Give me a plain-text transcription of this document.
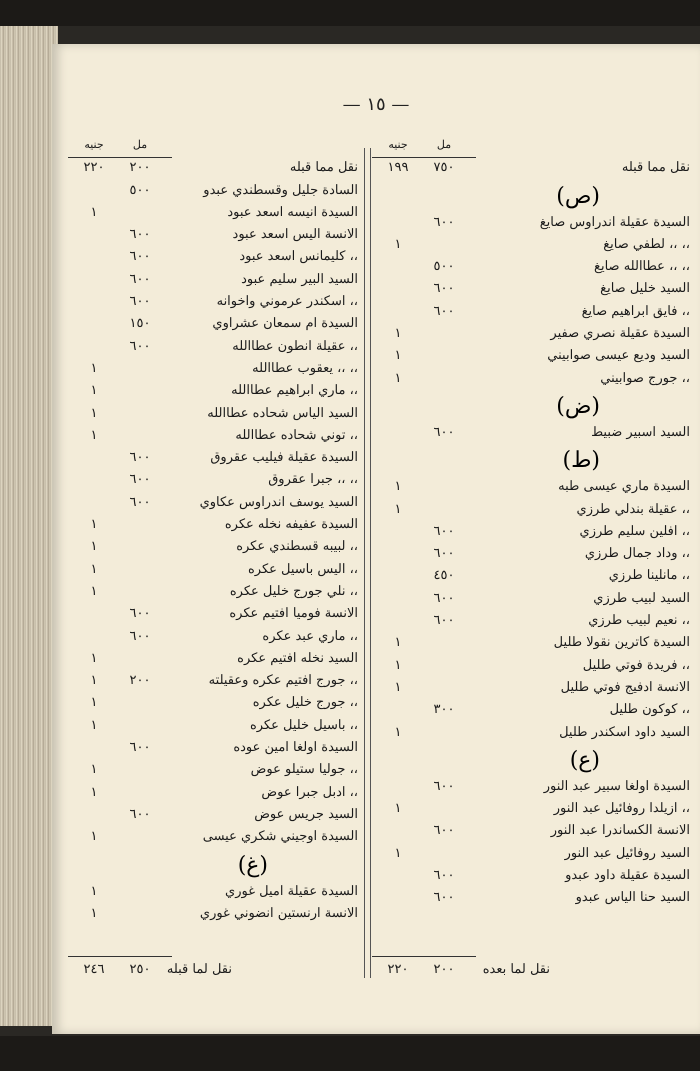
— ١٥ —
جنيه	مل
نقل مما قبله
٧٥٠
١٩٩
(ص)
السيدة عقيلة اندراوس صايغ
٦٠٠
،، ،، لطفي صايغ
١
،، ،، عطاالله صايغ
٥٠٠
السيد خليل صايغ
٦٠٠
،، فايق ابراهيم صايغ
٦٠٠
السيدة عقيلة نصري صفير
١
السيد وديع عيسى صوابيني
١
،، جورج صوابيني
١
(ض)
السيد اسبير ضبيط
٦٠٠
(ط)
السيدة ماري عيسى طبه
١
،، عقيلة بندلي طرزي
١
،، افلين سليم طرزي
٦٠٠
،، وداد جمال طرزي
٦٠٠
،، مانلينا طرزي
٤٥٠
السيد لبيب طرزي
٦٠٠
،، نعيم لبيب طرزي
٦٠٠
السيدة كاترين نقولا طليل
١
،، فريدة فوتي طليل
١
الانسة ادفيج فوتي طليل
١
،، كوكون طليل
٣٠٠
السيد داود اسكندر طليل
١
(ع)
السيدة اولغا سبير عبد النور
٦٠٠
،، ازيلدا روفائيل عبد النور
١
الانسة الكساندرا عبد النور
٦٠٠
السيد روفائيل عبد النور
١
السيدة عقيلة داود عبدو
٦٠٠
السيد حنا الياس عبدو
٦٠٠
جنيه	مل
نقل مما قبله
٢٠٠
٢٢٠
السادة جليل وقسطندي عبدو
٥٠٠
السيدة انيسه اسعد عبود
١
الانسة اليس اسعد عبود
٦٠٠
،، كليمانس اسعد عبود
٦٠٠
السيد البير سليم عبود
٦٠٠
،، اسكندر عرموني واخوانه
٦٠٠
السيدة ام سمعان عشراوي
١٥٠
،، عقيلة انطون عطاالله
٦٠٠
،، ،، يعقوب عطاالله
١
،، ماري ابراهيم عطاالله
١
السيد الياس شحاده عطاالله
١
،، توني شحاده عطاالله
١
السيدة عقيلة فيليب عقروق
٦٠٠
،، ،، جبرا عقروق
٦٠٠
السيد يوسف اندراوس عكاوي
٦٠٠
السيدة عفيفه نخله عكره
١
،، لبيبه قسطندي عكره
١
،، اليس باسيل عكره
١
،، نلي جورج خليل عكره
١
الانسة فوميا افتيم عكره
٦٠٠
،، ماري عبد عكره
٦٠٠
السيد نخله افتيم عكره
١
،، جورج افتيم عكره وعقيلته
٢٠٠
١
،، جورج خليل عكره
١
،، باسيل خليل عكره
١
السيدة اولغا امين عوده
٦٠٠
،، جوليا ستيلو عوض
١
،، ادبل جبرا عوض
١
السيد جريس عوض
٦٠٠
السيدة اوجيني شكري عيسى
١
(غ)
السيدة عقيلة اميل غوري
١
الانسة ارنستين انضوني غوري
١
نقل لما بعده
٢٠٠
٢٢٠
نقل لما قبله
٢٥٠
٢٤٦
